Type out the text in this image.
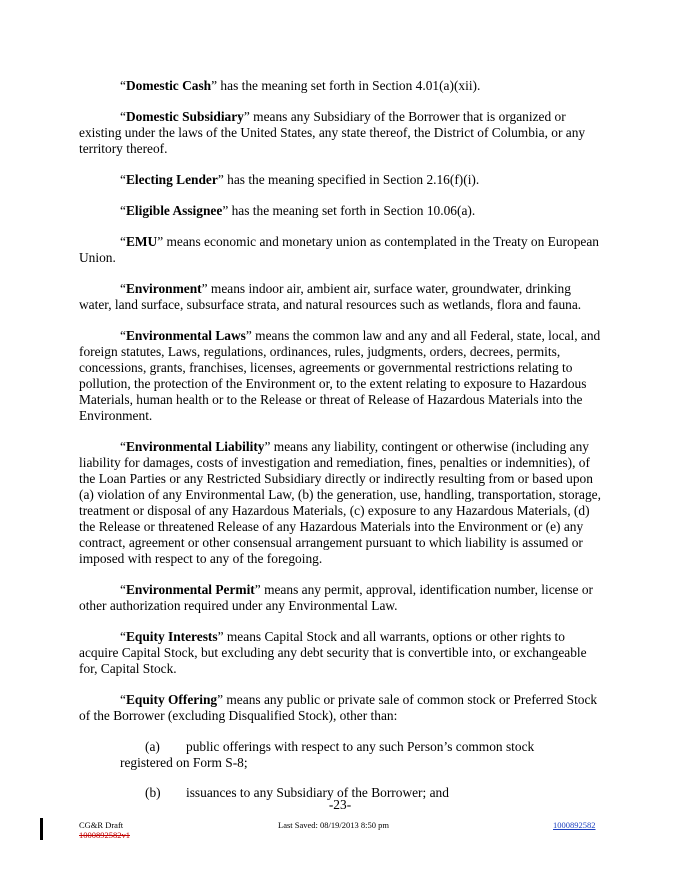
“Domestic Cash” has the meaning set forth in Section 4.01(a)(xii).

“Domestic Subsidiary” means any Subsidiary of the Borrower that is organized or existing under the laws of the United States, any state thereof, the District of Columbia, or any territory thereof.

“Electing Lender” has the meaning specified in Section 2.16(f)(i).

“Eligible Assignee” has the meaning set forth in Section 10.06(a).

“EMU” means economic and monetary union as contemplated in the Treaty on European Union.

“Environment” means indoor air, ambient air, surface water, groundwater, drinking water, land surface, subsurface strata, and natural resources such as wetlands, flora and fauna.

“Environmental Laws” means the common law and any and all Federal, state, local, and foreign statutes, Laws, regulations, ordinances, rules, judgments, orders, decrees, permits, concessions, grants, franchises, licenses, agreements or governmental restrictions relating to pollution, the protection of the Environment or, to the extent relating to exposure to Hazardous Materials, human health or to the Release or threat of Release of Hazardous Materials into the Environment.

“Environmental Liability” means any liability, contingent or otherwise (including any liability for damages, costs of investigation and remediation, fines, penalties or indemnities), of the Loan Parties or any Restricted Subsidiary directly or indirectly resulting from or based upon (a) violation of any Environmental Law, (b) the generation, use, handling, transportation, storage, treatment or disposal of any Hazardous Materials, (c) exposure to any Hazardous Materials, (d) the Release or threatened Release of any Hazardous Materials into the Environment or (e) any contract, agreement or other consensual arrangement pursuant to which liability is assumed or imposed with respect to any of the foregoing.

“Environmental Permit” means any permit, approval, identification number, license or other authorization required under any Environmental Law.

“Equity Interests” means Capital Stock and all warrants, options or other rights to acquire Capital Stock, but excluding any debt security that is convertible into, or exchangeable for, Capital Stock.

“Equity Offering” means any public or private sale of common stock or Preferred Stock of the Borrower (excluding Disqualified Stock), other than:

(a)	public offerings with respect to any such Person’s common stock
registered on Form S-8;
(b)	issuances to any Subsidiary of the Borrower; and
-23-
CG&R Draft
1000892582v1
Last Saved: 08/19/2013 8:50 pm	1000892582
